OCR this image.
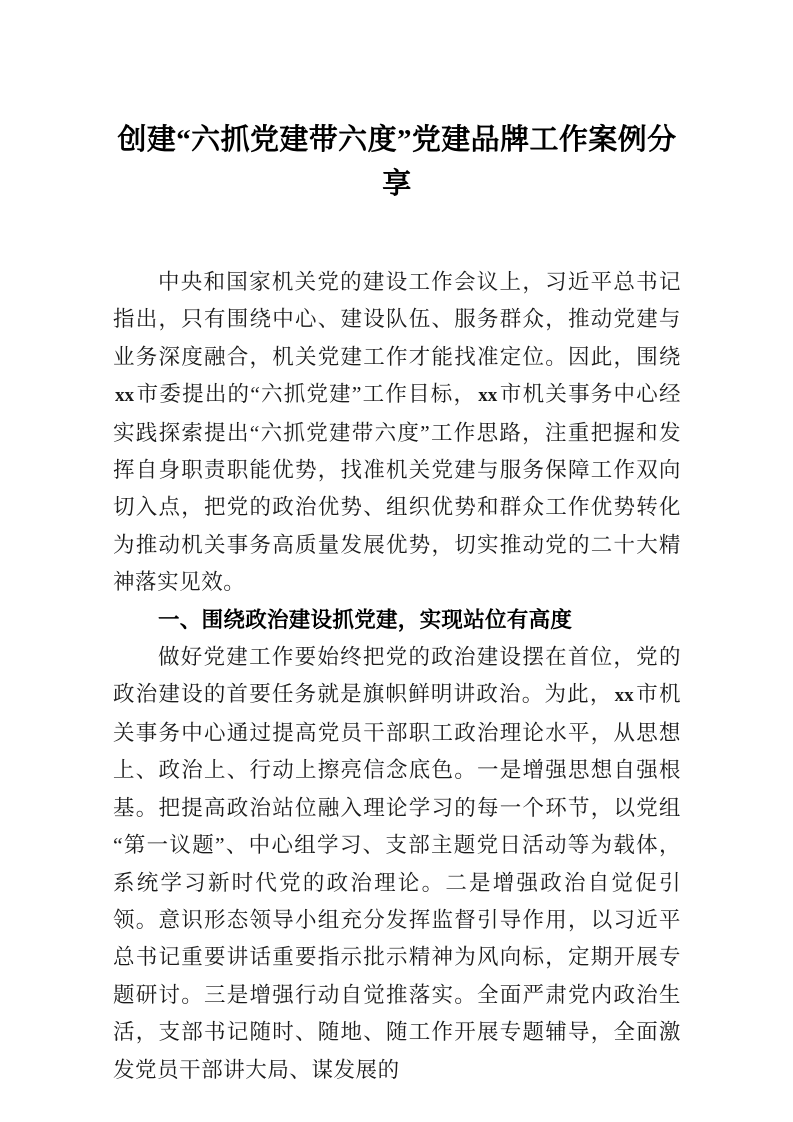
创建“六抓党建带六度”党建品牌工作案例分享

中央和国家机关党的建设工作会议上，习近平总书记指出，只有围绕中心、建设队伍、服务群众，推动党建与业务深度融合，机关党建工作才能找准定位。因此，围绕xx市委提出的“六抓党建”工作目标， xx市机关事务中心经实践探索提出“六抓党建带六度”工作思路，注重把握和发挥自身职责职能优势，找准机关党建与服务保障工作双向切入点，把党的政治优势、组织优势和群众工作优势转化为推动机关事务高质量发展优势，切实推动党的二十大精神落实见效。

一、围绕政治建设抓党建，实现站位有高度

做好党建工作要始终把党的政治建设摆在首位，党的政治建设的首要任务就是旗帜鲜明讲政治。为此， xx市机关事务中心通过提高党员干部职工政治理论水平，从思想上、政治上、行动上擦亮信念底色。一是增强思想自强根基。把提高政治站位融入理论学习的每一个环节，以党组“第一议题”、中心组学习、支部主题党日活动等为载体，系统学习新时代党的政治理论。二是增强政治自觉促引领。意识形态领导小组充分发挥监督引导作用，以习近平总书记重要讲话重要指示批示精神为风向标，定期开展专题研讨。三是增强行动自觉推落实。全面严肃党内政治生活，支部书记随时、随地、随工作开展专题辅导，全面激发党员干部讲大局、谋发展的
